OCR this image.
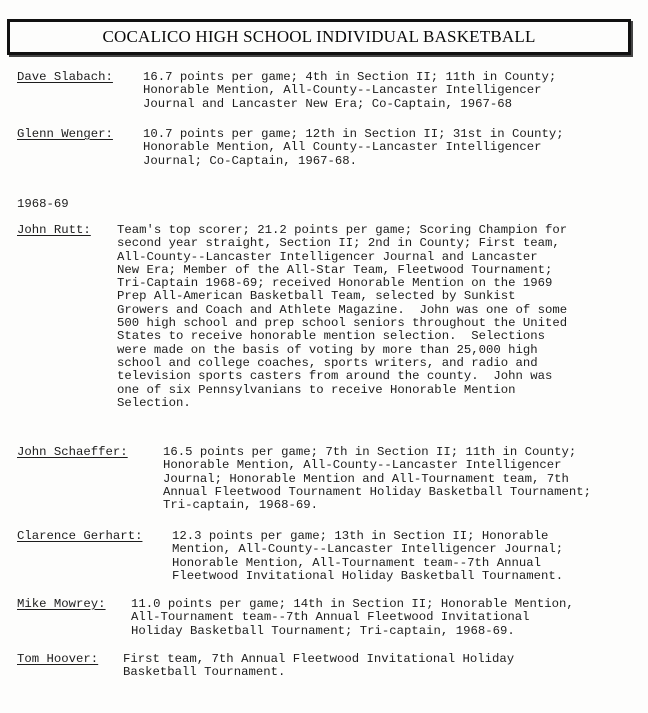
COCALICO HIGH SCHOOL INDIVIDUAL BASKETBALL
Dave Slabach: 16.7 points per game; 4th in Section II; 11th in County;
Honorable Mention, All-County--Lancaster Intelligencer
Journal and Lancaster New Era; Co-Captain, 1967-68
Glenn Wenger: 10.7 points per game; 12th in Section II; 31st in County;
Honorable Mention, All County--Lancaster Intelligencer
Journal; Co-Captain, 1967-68.
1968-69
John Rutt: Team's top scorer; 21.2 points per game; Scoring Champion for
second year straight, Section II; 2nd in County; First team,
All-County--Lancaster Intelligencer Journal and Lancaster
New Era; Member of the All-Star Team, Fleetwood Tournament;
Tri-Captain 1968-69; received Honorable Mention on the 1969
Prep All-American Basketball Team, selected by Sunkist
Growers and Coach and Athlete Magazine.  John was one of some
500 high school and prep school seniors throughout the United
States to receive honorable mention selection.  Selections
were made on the basis of voting by more than 25,000 high
school and college coaches, sports writers, and radio and
television sports casters from around the county.  John was
one of six Pennsylvanians to receive Honorable Mention
Selection.
John Schaeffer:	16.5 points per game; 7th in Section II; 11th in County;
Honorable Mention, All-County--Lancaster Intelligencer
Journal; Honorable Mention and All-Tournament team, 7th
Annual Fleetwood Tournament Holiday Basketball Tournament;
Tri-captain, 1968-69.
Clarence Gerhart: 12.3 points per game; 13th in Section II; Honorable
Mention, All-County--Lancaster Intelligencer Journal;
Honorable Mention, All-Tournament team--7th Annual
Fleetwood Invitational Holiday Basketball Tournament.
Mike Mowrey: 11.0 points per game; 14th in Section II; Honorable Mention,
All-Tournament team--7th Annual Fleetwood Invitational
Holiday Basketball Tournament; Tri-captain, 1968-69.
Tom Hoover: First team, 7th Annual Fleetwood Invitational Holiday
Basketball Tournament.
